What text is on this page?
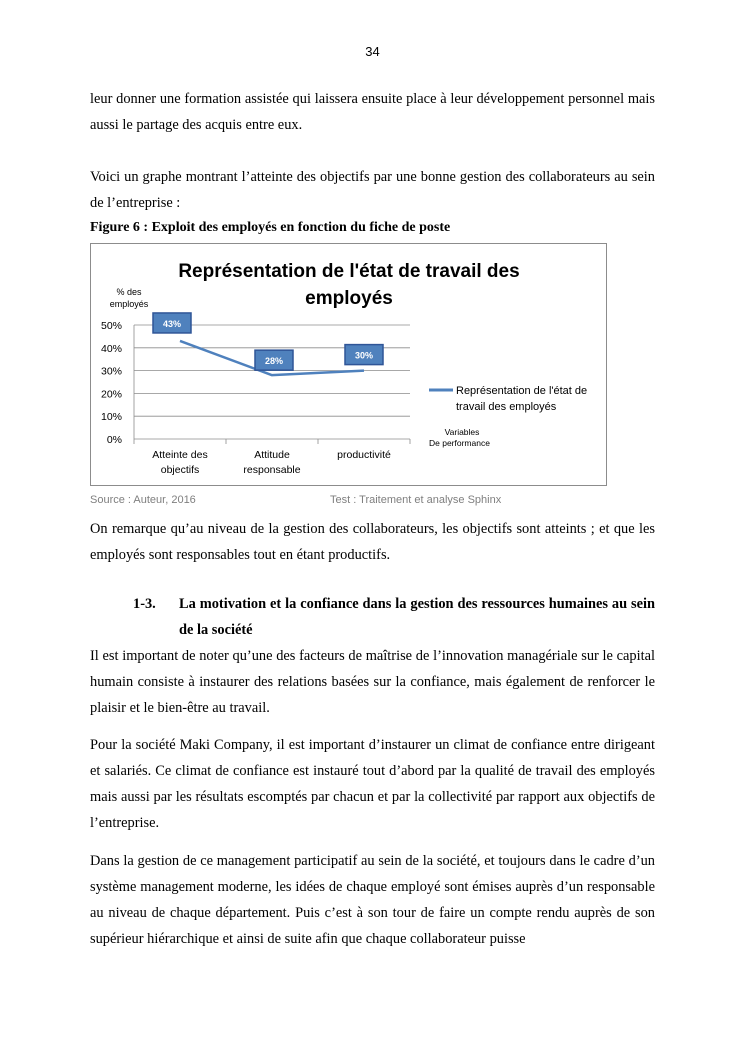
34

leur donner une formation assistée qui laissera ensuite place à leur développement personnel mais aussi le partage des acquis entre eux.

Voici un graphe montrant l’atteinte des objectifs par une bonne gestion des collaborateurs au sein de l’entreprise :

Figure 6 : Exploit des employés en fonction du fiche de poste
Représentation de l'état de travail des
employés
% des
employés
0%
10%
20%
30%
40%
50%
Atteinte des
objectifs
Attitude
responsable
productivité
43%
28%
30%
Représentation de l'état de
travail des employés
Variables
De performance
Source : Auteur, 2016	Test : Traitement et analyse Sphinx

On remarque qu’au niveau de la gestion des collaborateurs, les objectifs sont atteints ; et que les employés sont responsables tout en étant productifs.

1-3. La motivation et la confiance dans la gestion des ressources humaines au sein de la société

Il est important de noter qu’une des facteurs de maîtrise de l’innovation managériale sur le capital humain consiste à instaurer des relations basées sur la confiance, mais également de renforcer le plaisir et le bien-être au travail.

Pour la société Maki Company, il est important d’instaurer un climat de confiance entre dirigeant et salariés. Ce climat de confiance est instauré tout d’abord par la qualité de travail des employés mais aussi par les résultats escomptés par chacun et par la collectivité par rapport aux objectifs de l’entreprise.

Dans la gestion de ce management participatif au sein de la société, et toujours dans le cadre d’un système management moderne, les idées de chaque employé sont émises auprès d’un responsable au niveau de chaque département. Puis c’est à son tour de faire un compte rendu auprès de son supérieur hiérarchique et ainsi de suite afin que chaque collaborateur puisse
